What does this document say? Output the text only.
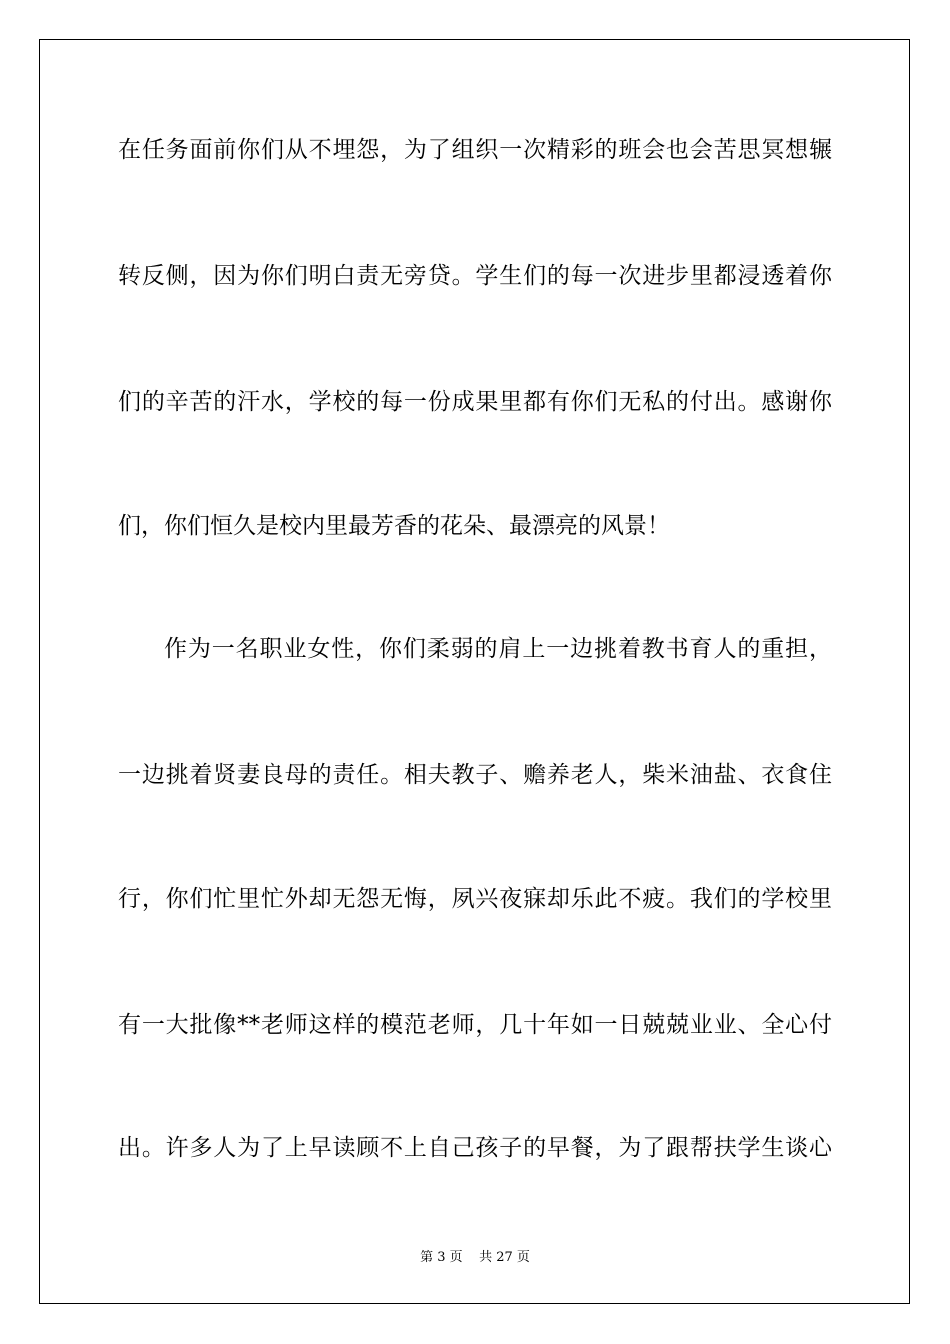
在任务面前你们从不埋怨，为了组织一次精彩的班会也会苦思冥想辗
转反侧，因为你们明白责无旁贷。学生们的每一次进步里都浸透着你
们的辛苦的汗水，学校的每一份成果里都有你们无私的付出。感谢你
们，你们恒久是校内里最芳香的花朵、最漂亮的风景！
作为一名职业女性，你们柔弱的肩上一边挑着教书育人的重担，
一边挑着贤妻良母的责任。相夫教子、赡养老人，柴米油盐、衣食住
行，你们忙里忙外却无怨无悔，夙兴夜寐却乐此不疲。我们的学校里
有一大批像**老师这样的模范老师，几十年如一日兢兢业业、全心付
出。许多人为了上早读顾不上自己孩子的早餐，为了跟帮扶学生谈心
第 3 页    共 27 页
